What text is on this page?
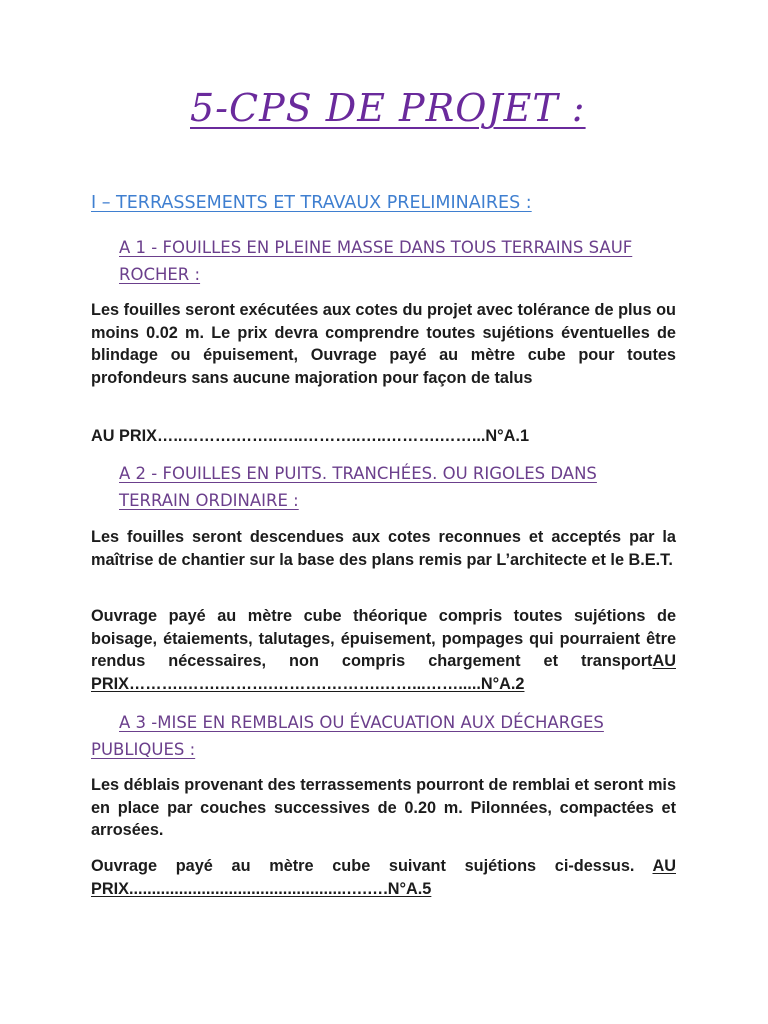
5-CPS DE PROJET :
I – TERRASSEMENTS ET TRAVAUX PRELIMINAIRES :
A 1 - FOUILLES EN PLEINE MASSE DANS TOUS TERRAINS SAUF
ROCHER :
Les fouilles seront exécutées aux cotes du projet avec tolérance de plus ou moins 0.02 m. Le prix devra comprendre toutes sujétions éventuelles de blindage ou épuisement, Ouvrage payé au mètre cube pour toutes profondeurs sans aucune majoration pour façon de talus
AU PRIX…..……….……..…..………..…..……….……...N°A.1
A 2 - FOUILLES EN PUITS. TRANCHÉES. OU RIGOLES DANS
TERRAIN ORDINAIRE :
Les fouilles seront descendues aux cotes reconnues et acceptés par la maîtrise de chantier sur la base des plans remis par L’architecte et le B.E.T.
Ouvrage payé au mètre cube théorique compris toutes sujétions de boisage, étaiements, talutages, épuisement, pompages qui pourraient être rendus nécessaires, non compris chargement et transportAU PRIX……….…….……….……….……….……...…….....N°A.2
A 3 -MISE EN REMBLAIS OU ÉVACUATION AUX DÉCHARGES
PUBLIQUES :
Les déblais provenant des terrassements pourront de remblai et seront mis en place par couches successives de 0.20 m. Pilonnées, compactées et arrosées.
Ouvrage payé au mètre cube suivant sujétions ci-dessus. AU PRIX................................................….….N°A.5
